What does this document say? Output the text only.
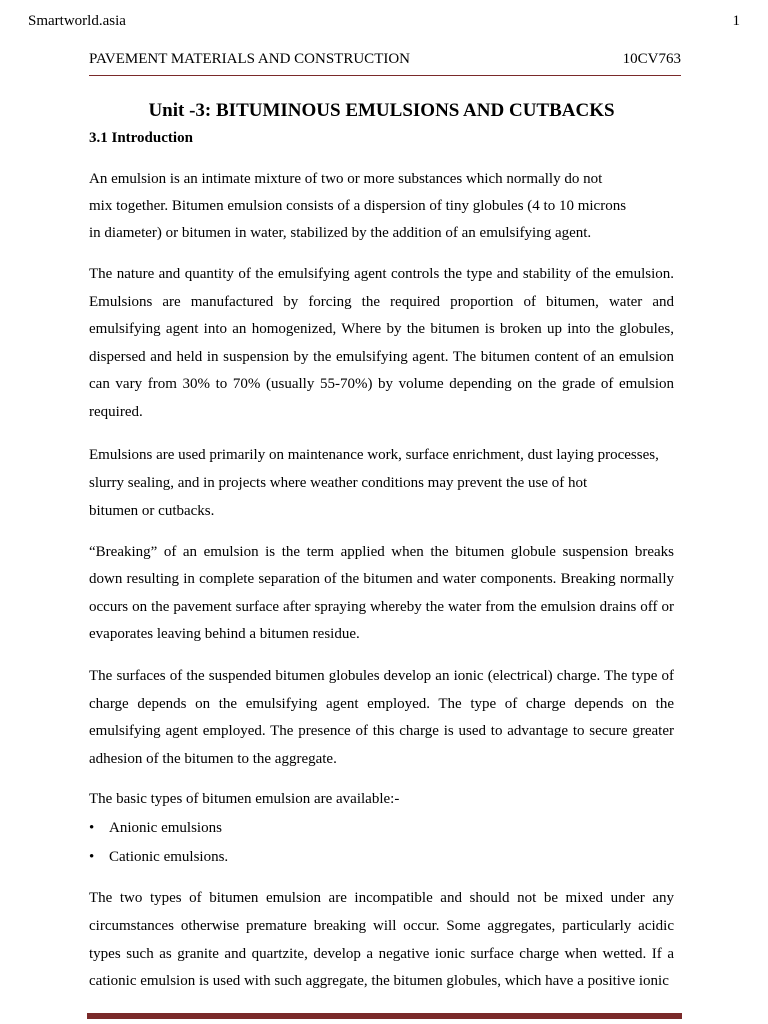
Smartworld.asia	1
PAVEMENT MATERIALS AND CONSTRUCTION	10CV763
Unit -3: BITUMINOUS EMULSIONS AND CUTBACKS
3.1 Introduction

An emulsion is an intimate mixture of two or more substances which normally do not
mix together. Bitumen emulsion consists of a dispersion of tiny globules (4 to 10 microns
in diameter) or bitumen in water, stabilized by the addition of an emulsifying agent.

The nature and quantity of the emulsifying agent controls the type and stability of the emulsion. Emulsions are manufactured by forcing the required proportion of bitumen, water and emulsifying agent into an homogenized, Where by the bitumen is broken up into the globules, dispersed and held in suspension by the emulsifying agent. The bitumen content of an emulsion can vary from 30% to 70% (usually 55-70%) by volume depending on the grade of emulsion required.

Emulsions are used primarily on maintenance work, surface enrichment, dust laying processes,
slurry sealing, and in projects where weather conditions may prevent the use of hot
bitumen or cutbacks.

“Breaking” of an emulsion is the term applied when the bitumen globule suspension breaks down resulting in complete separation of the bitumen and water components. Breaking normally occurs on the pavement surface after spraying whereby the water from the emulsion drains off or evaporates leaving behind a bitumen residue.

The surfaces of the suspended bitumen globules develop an ionic (electrical) charge. The type of charge depends on the emulsifying agent employed. The type of charge depends on the emulsifying agent employed. The presence of this charge is used to advantage to secure greater adhesion of the bitumen to the aggregate.

The basic types of bitumen emulsion are available:-

• Anionic emulsions
• Cationic emulsions.

The two types of bitumen emulsion are incompatible and should not be mixed under any circumstances otherwise premature breaking will occur. Some aggregates, particularly acidic types such as granite and quartzite, develop a negative ionic surface charge when wetted. If a cationic emulsion is used with such aggregate, the bitumen globules, which have a positive ionic
